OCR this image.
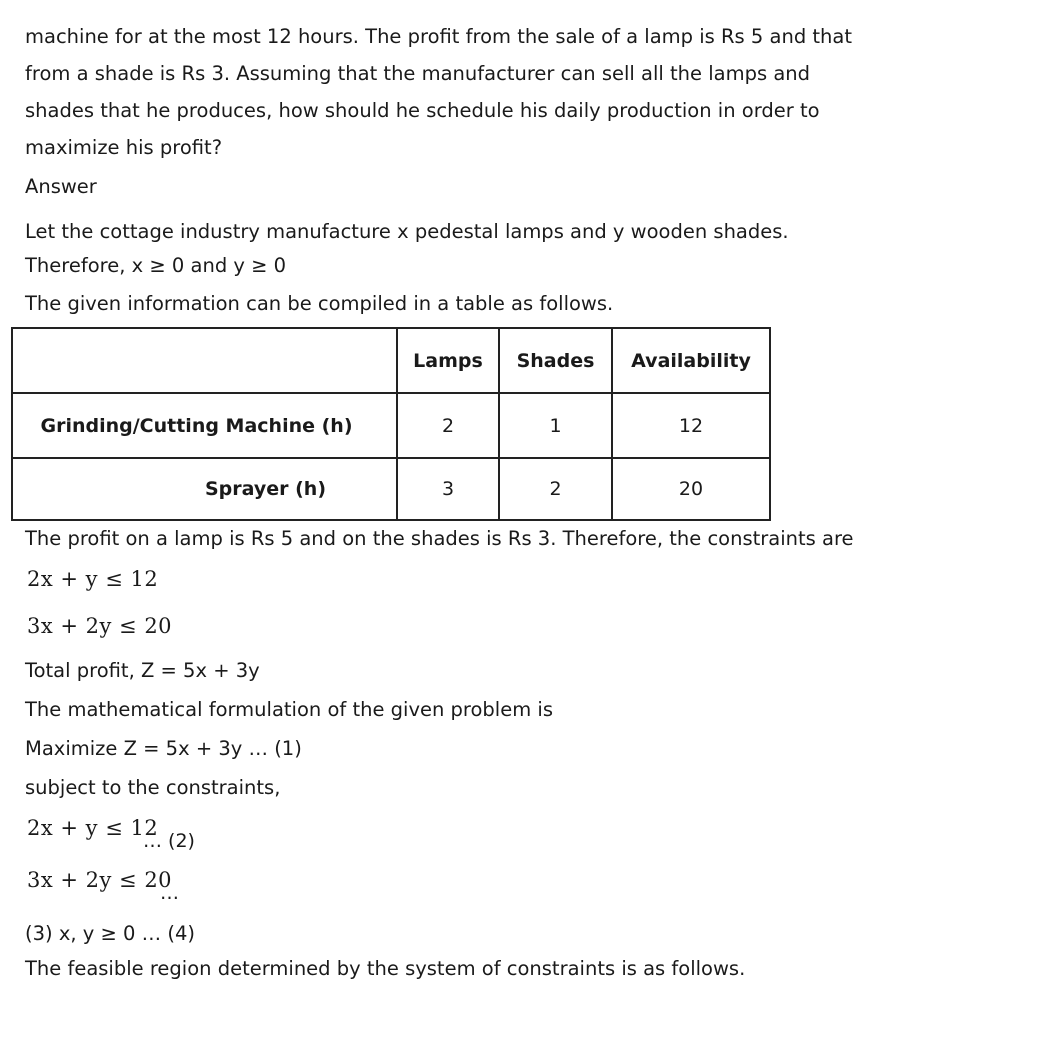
machine for at the most 12 hours. The profit from the sale of a lamp is Rs 5 and that
from a shade is Rs 3. Assuming that the manufacturer can sell all the lamps and
shades that he produces, how should he schedule his daily production in order to
maximize his profit?
Answer
Let the cottage industry manufacture x pedestal lamps and y wooden shades.
Therefore, x ≥ 0 and y ≥ 0
The given information can be compiled in a table as follows.
	Lamps	Shades	Availability
Grinding/Cutting Machine (h)	2	1	12
Sprayer (h)	3	2	20
The profit on a lamp is Rs 5 and on the shades is Rs 3. Therefore, the constraints are
2x + y ≤ 12
3x + 2y ≤ 20
Total profit, Z = 5x + 3y
The mathematical formulation of the given problem is
Maximize Z = 5x + 3y … (1)
subject to the constraints,
2x + y ≤ 12
… (2)
3x + 2y ≤ 20
…
(3) x, y ≥ 0 … (4)
The feasible region determined by the system of constraints is as follows.
